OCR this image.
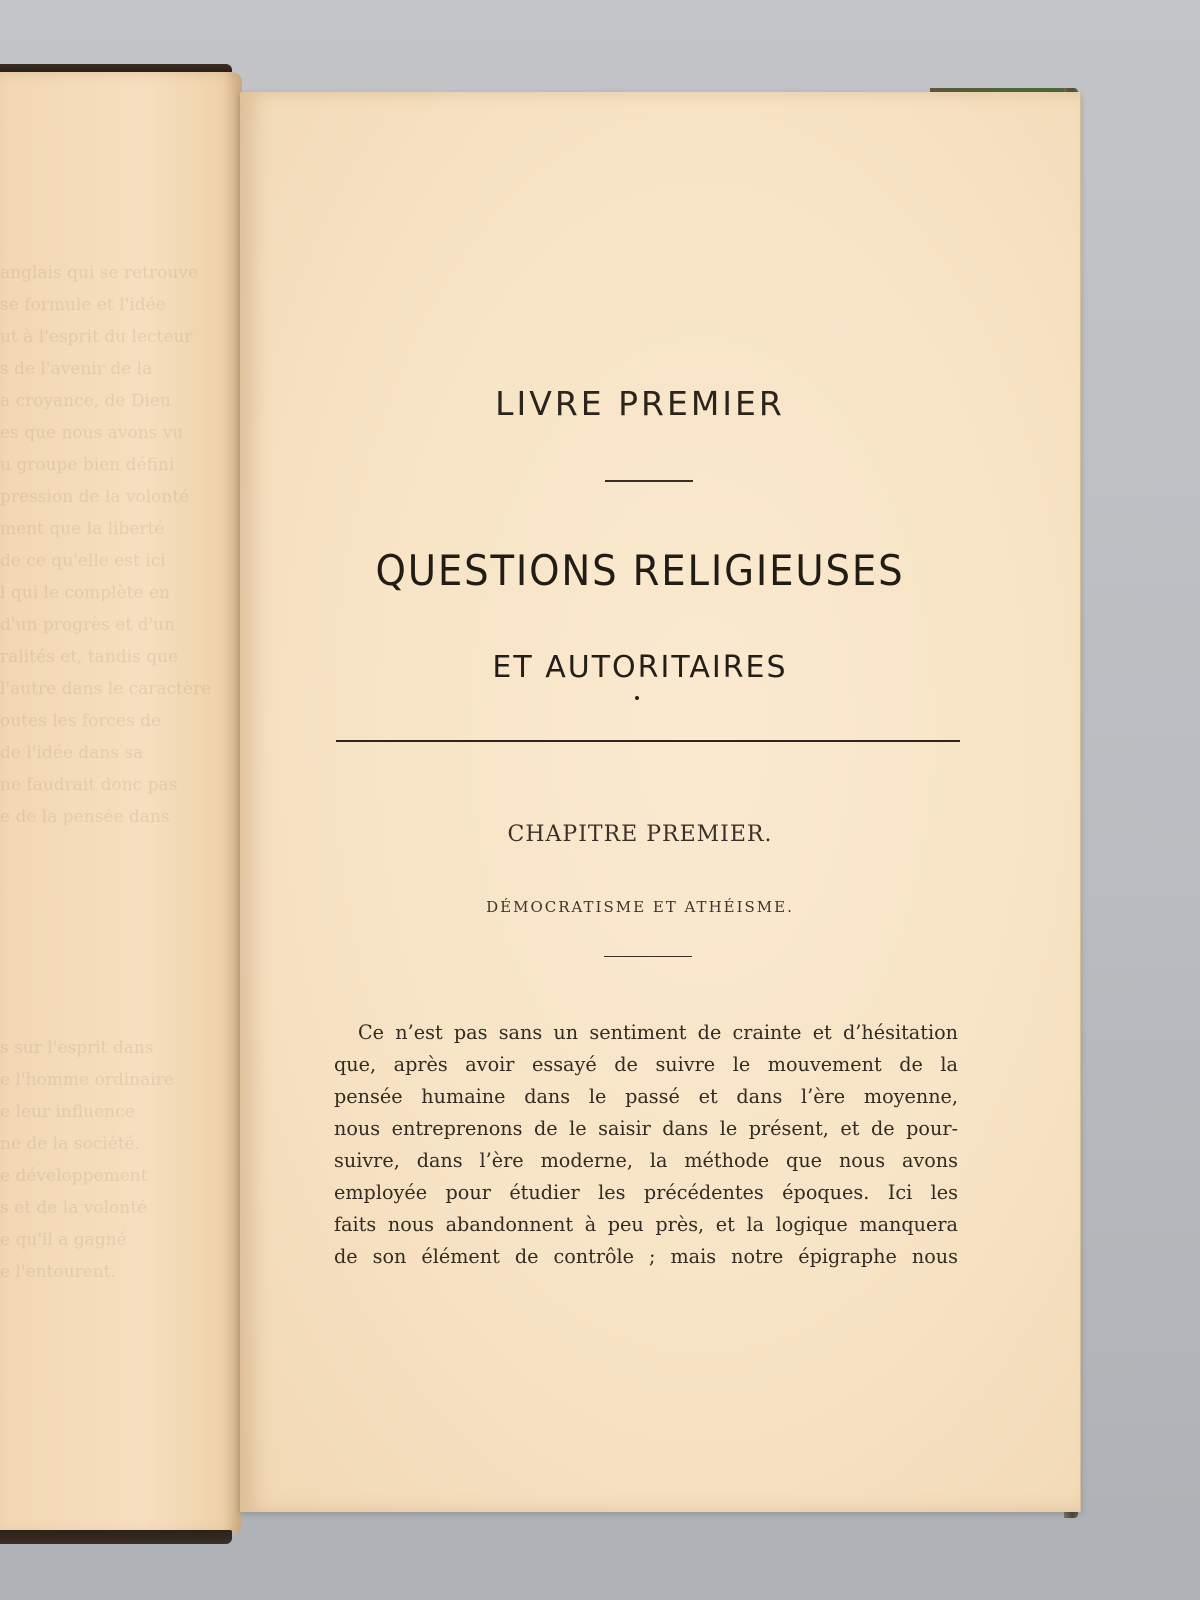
anglais qui se retrouve
se formule et l'idée
ut à l'esprit du lecteur
s de l'avenir de la
a croyance, de Dieu
es que nous avons vu
u groupe bien défini
pression de la volonté
ment que la liberté
de ce qu'elle est ici
l qui le complète en
d'un progrès et d'un
ralités et, tandis que
l'autre dans le caractère
outes les forces de
de l'idée dans sa
ne faudrait donc pas
e de la pensée dans
s sur l'esprit dans
e l'homme ordinaire
e leur influence
ne de la société.
e développement
s et de la volonté
e qu'il a gagné
e l'entourent.
LIVRE PREMIER
QUESTIONS RELIGIEUSES
ET AUTORITAIRES
CHAPITRE PREMIER.
DÉMOCRATISME ET ATHÉISME.
Ce n’est pas sans un sentiment de crainte et d’hésitation
que, après avoir essayé de suivre le mouvement de la
pensée humaine dans le passé et dans l’ère moyenne,
nous entreprenons de le saisir dans le présent, et de pour-
suivre, dans l’ère moderne, la méthode que nous avons
employée pour étudier les précédentes époques. Ici les
faits nous abandonnent à peu près, et la logique manquera
de son élément de contrôle ; mais notre épigraphe nous
